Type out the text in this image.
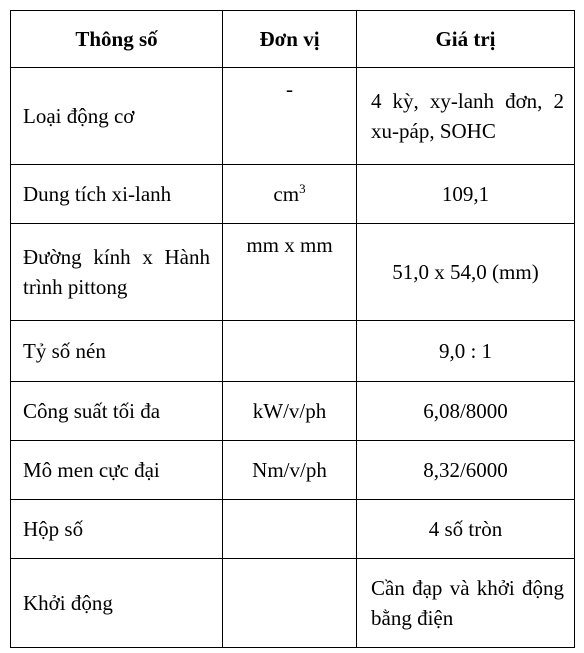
Thông số	Đơn vị	Giá trị
Loại động cơ	-	4 kỳ, xy-lanh đơn, 2 xu-páp, SOHC
Dung tích xi-lanh	$cm^3$	109,1
Đường kính x Hành trình pittong	mm x mm	51,0 x 54,0 (mm)
Tỷ số nén		9,0 : 1
Công suất tối đa	kW/v/ph	6,08/8000
Mô men cực đại	Nm/v/ph	8,32/6000
Hộp số		4 số tròn
Khởi động		Cần đạp và khởi động bằng điện
